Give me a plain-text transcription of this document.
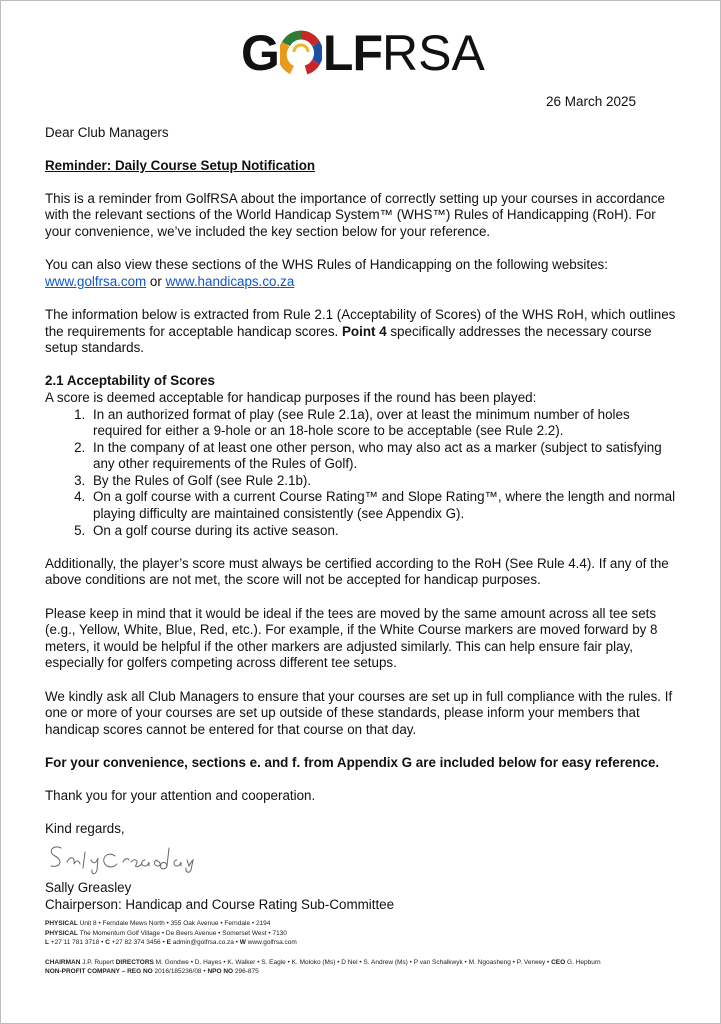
G LF RSA
26 March 2025

Dear Club Managers

Reminder: Daily Course Setup Notification

This is a reminder from GolfRSA about the importance of correctly setting up your courses in accordance with the relevant sections of the World Handicap System™ (WHS™) Rules of Handicapping (RoH). For your convenience, we’ve included the key section below for your reference.

You can also view these sections of the WHS Rules of Handicapping on the following websites:
www.golfrsa.com or www.handicaps.co.za

The information below is extracted from Rule 2.1 (Acceptability of Scores) of the WHS RoH, which outlines the requirements for acceptable handicap scores. Point 4 specifically addresses the necessary course setup standards.

2.1 Acceptability of Scores

A score is deemed acceptable for handicap purposes if the round has been played:

1. In an authorized format of play (see Rule 2.1a), over at least the minimum number of holes required for either a 9-hole or an 18-hole score to be acceptable (see Rule 2.2).
2. In the company of at least one other person, who may also act as a marker (subject to satisfying any other requirements of the Rules of Golf).
3. By the Rules of Golf (see Rule 2.1b).
4. On a golf course with a current Course Rating™ and Slope Rating™, where the length and normal playing difficulty are maintained consistently (see Appendix G).
5. On a golf course during its active season.

Additionally, the player’s score must always be certified according to the RoH (See Rule 4.4). If any of the above conditions are not met, the score will not be accepted for handicap purposes.

Please keep in mind that it would be ideal if the tees are moved by the same amount across all tee sets (e.g., Yellow, White, Blue, Red, etc.). For example, if the White Course markers are moved forward by 8 meters, it would be helpful if the other markers are adjusted similarly. This can help ensure fair play, especially for golfers competing across different tee setups.

We kindly ask all Club Managers to ensure that your courses are set up in full compliance with the rules. If one or more of your courses are set up outside of these standards, please inform your members that handicap scores cannot be entered for that course on that day.

For your convenience, sections e. and f. from Appendix G are included below for easy reference.

Thank you for your attention and cooperation.

Kind regards,

Sally Greasley

Chairperson: Handicap and Course Rating Sub-Committee

PHYSICAL Unit 8 • Ferndale Mews North • 355 Oak Avenue • Ferndale • 2194
PHYSICAL The Momentum Golf Village • De Beers Avenue • Somerset West • 7130
L +27 11 781 3718 • C +27 82 374 3456 • E admin@golfrsa.co.za • W www.golfrsa.com
CHAIRMAN J.P. Rupert DIRECTORS M. Gondwe • D. Hayes • K. Walker • S. Eagle • K. Moloko (Ms) • D Nel • S. Andrew (Ms) • P van Schalkwyk • M. Ngoasheng • P. Verwey • CEO G. Hepburn
NON-PROFIT COMPANY – REG NO 2016/185236/08 • NPO NO 296-875
